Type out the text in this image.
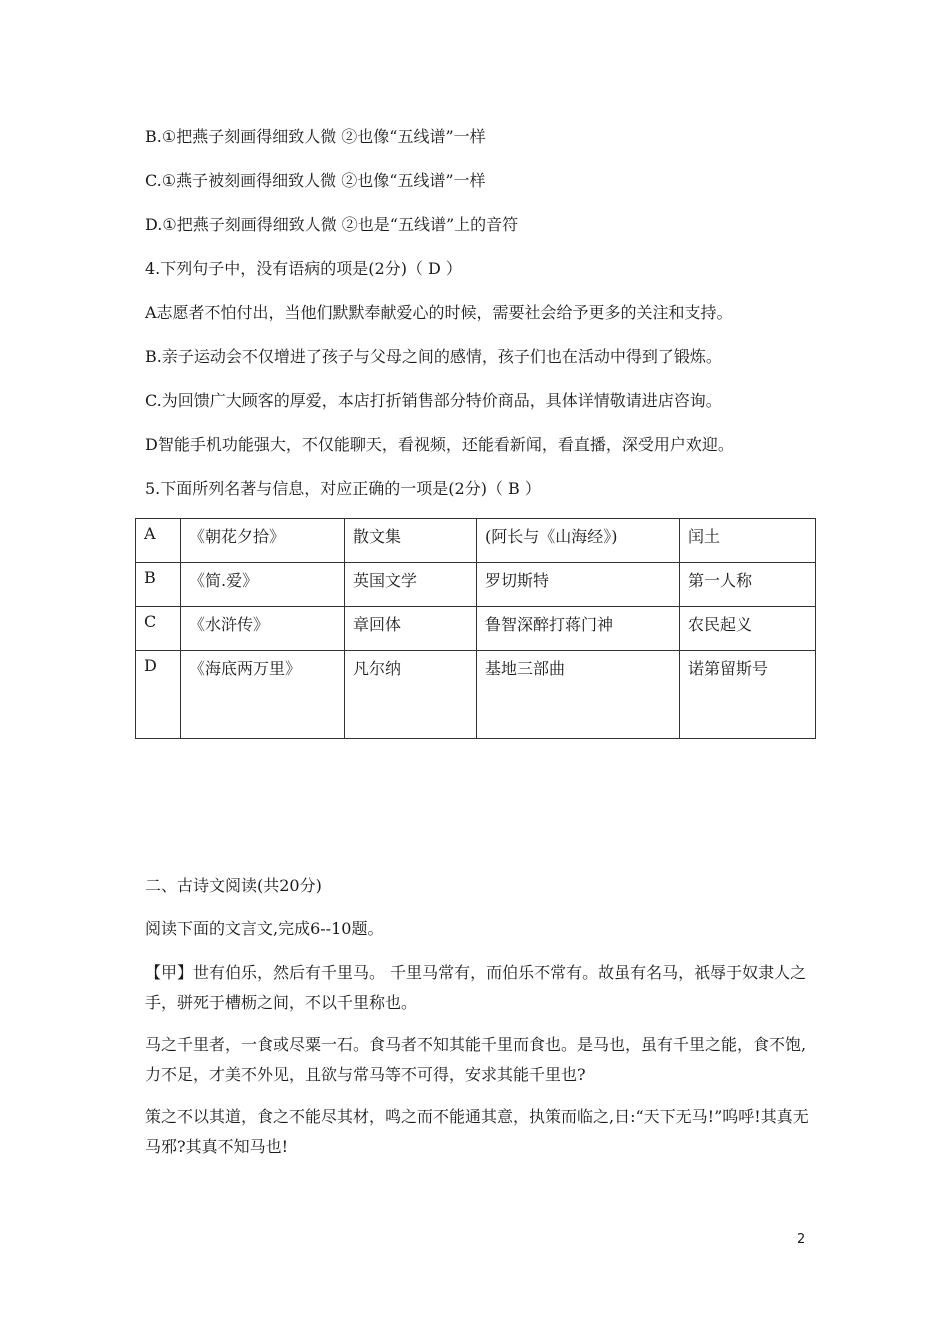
B.①把燕子刻画得细致人微 ②也像“五线谱”一样
C.①燕子被刻画得细致人微 ②也像“五线谱”一样
D.①把燕子刻画得细致人微 ②也是“五线谱”上的音符
4.下列句子中，没有语病的项是(2分)（ D ）
A志愿者不怕付出，当他们默默奉献爱心的时候，需要社会给予更多的关注和支持。
B.亲子运动会不仅增进了孩子与父母之间的感情，孩子们也在活动中得到了锻炼。
C.为回馈广大顾客的厚爱，本店打折销售部分特价商品，具体详情敬请进店咨询。
D智能手机功能强大，不仅能聊天，看视频，还能看新闻，看直播，深受用户欢迎。
5.下面所列名著与信息，对应正确的一项是(2分)（ B ）
A	《朝花夕拾》	散文集	(阿长与《山海经》)	闰土
B	《简.爱》	英国文学	罗切斯特	第一人称
C	《水浒传》	章回体	鲁智深醉打蒋门神	农民起义
D	《海底两万里》	凡尔纳	基地三部曲	诺第留斯号
二、古诗文阅读(共20分)
阅读下面的文言文,完成6--10题。
【甲】世有伯乐，然后有千里马。 千里马常有，而伯乐不常有。故虽有名马，祇辱于奴隶人之手，骈死于槽枥之间，不以千里称也。
马之千里者，一食或尽粟一石。食马者不知其能千里而食也。是马也，虽有千里之能，食不饱,力不足，才美不外见，且欲与常马等不可得，安求其能千里也?
策之不以其道，食之不能尽其材，鸣之而不能通其意，执策而临之,日:“天下无马!”呜呼!其真无马邪?其真不知马也!
2
